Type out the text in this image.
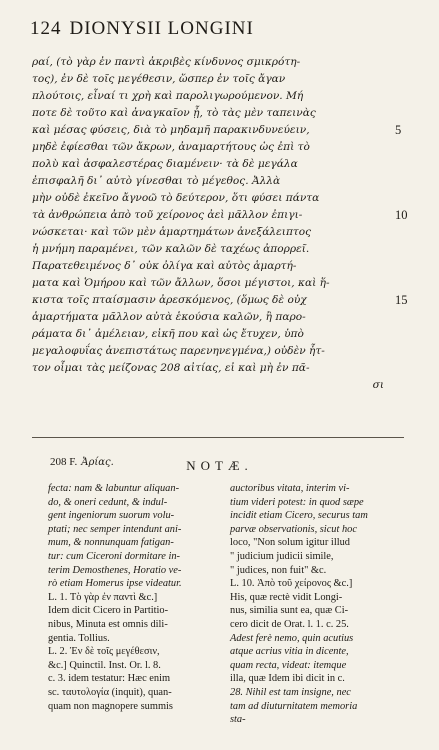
124 DIONYSII LONGINI
ραί, (τὸ γὰρ ἐν παντὶ ἀκριβὲς κίνδυνος σμικρότη-
τος), ἐν δὲ τοῖς μεγέθεσιν, ὥσπερ ἐν τοῖς ἄγαν
πλούτοις, εἶναί τι χρὴ καὶ παρολιγωρούμενον. Μή
ποτε δὲ τοῦτο καὶ ἀναγκαῖον ᾖ, τὸ τὰς μὲν ταπεινὰς
καὶ μέσας φύσεις, διὰ τὸ μηδαμῆ παρακινδυνεύειν,	5
μηδὲ ἐφίεσθαι τῶν ἄκρων, ἀναμαρτήτους ὡς ἐπὶ τὸ
πολὺ καὶ ἀσφαλεστέρας διαμένειν· τὰ δὲ μεγάλα
ἐπισφαλῆ δι᾽ αὐτὸ γίνεσθαι τὸ μέγεθος. Ἀλλὰ
μὴν οὐδὲ ἐκεῖνο ἄγνοῶ τὸ δεύτερον, ὅτι φύσει πάντα
τὰ ἀνθρώπεια ἀπὸ τοῦ χείρονος ἀεὶ μᾶλλον ἐπιγι-	10
νώσκεται· καὶ τῶν μὲν ἁμαρτημάτων ἀνεξάλειπτος
ἡ μνήμη παραμένει, τῶν καλῶν δὲ ταχέως ἀπορρεῖ.
Παρατεθειμένος δ᾽ οὐκ ὀλίγα καὶ αὐτὸς ἁμαρτή-
ματα καὶ Ὁμήρου καὶ τῶν ἄλλων, ὅσοι μέγιστοι, καὶ ἥ-
κιστα τοῖς πταίσμασιν ἀρεσκόμενος, (ὅμως δὲ οὐχ	15
ἁμαρτήματα μᾶλλον αὐτὰ ἑκούσια καλῶν, ἢ παρο-
ράματα δι᾽ ἀμέλειαν, εἰκῆ που καὶ ὡς ἔτυχεν, ὑπὸ
μεγαλοφυΐας ἀνεπιστάτως παρενηνεγμένα,) οὐδὲν ἧτ-
τον οἶμαι τὰς μείζονας 208 αἰτίας, εἰ καὶ μὴ ἐν πᾶ-
σι
208 F. Ἀρίας.	NOTÆ.
fecta: nam & labuntur aliquan-
do, & oneri cedunt, & indul-
gent ingeniorum suorum volu-
ptati; nec semper intendunt ani-
mum, & nonnunquam fatigan-
tur: cum Ciceroni dormitare in-
terim Demosthenes, Horatio ve-
rò etiam Homerus ipse videatur.
L. 1. Τὸ γὰρ ἐν παντὶ &c.]
Idem dicit Cicero in Partitio-
nibus, Minuta est omnis dili-
gentia. Tollius.
L. 2. Ἐν δὲ τοῖς μεγέθεσιν,
&c.] Quinctil. Inst. Or. l. 8.
c. 3. idem testatur: Hæc enim
sc. ταυτολογία (inquit), quan-
quam non magnopere summis
auctoribus vitata, interim vi-
tium videri potest: in quod sæpe
incidit etiam Cicero, securus tam
parvæ observationis, sicut hoc
loco, "Non solum igitur illud
" judicium judicii simile,
" judices, non fuit" &c.
L. 10. Ἀπὸ τοῦ χείρονος &c.]
His, quæ rectè vidit Longi-
nus, similia sunt ea, quæ Ci-
cero dicit de Orat. l. 1. c. 25.
Adest ferè nemo, quin acutius
atque acrius vitia in dicente,
quam recta, videat: itemque
illa, quæ Idem ibi dicit in c.
28. Nihil est tam insigne, nec
tam ad diuturnitatem memoria
sta-
